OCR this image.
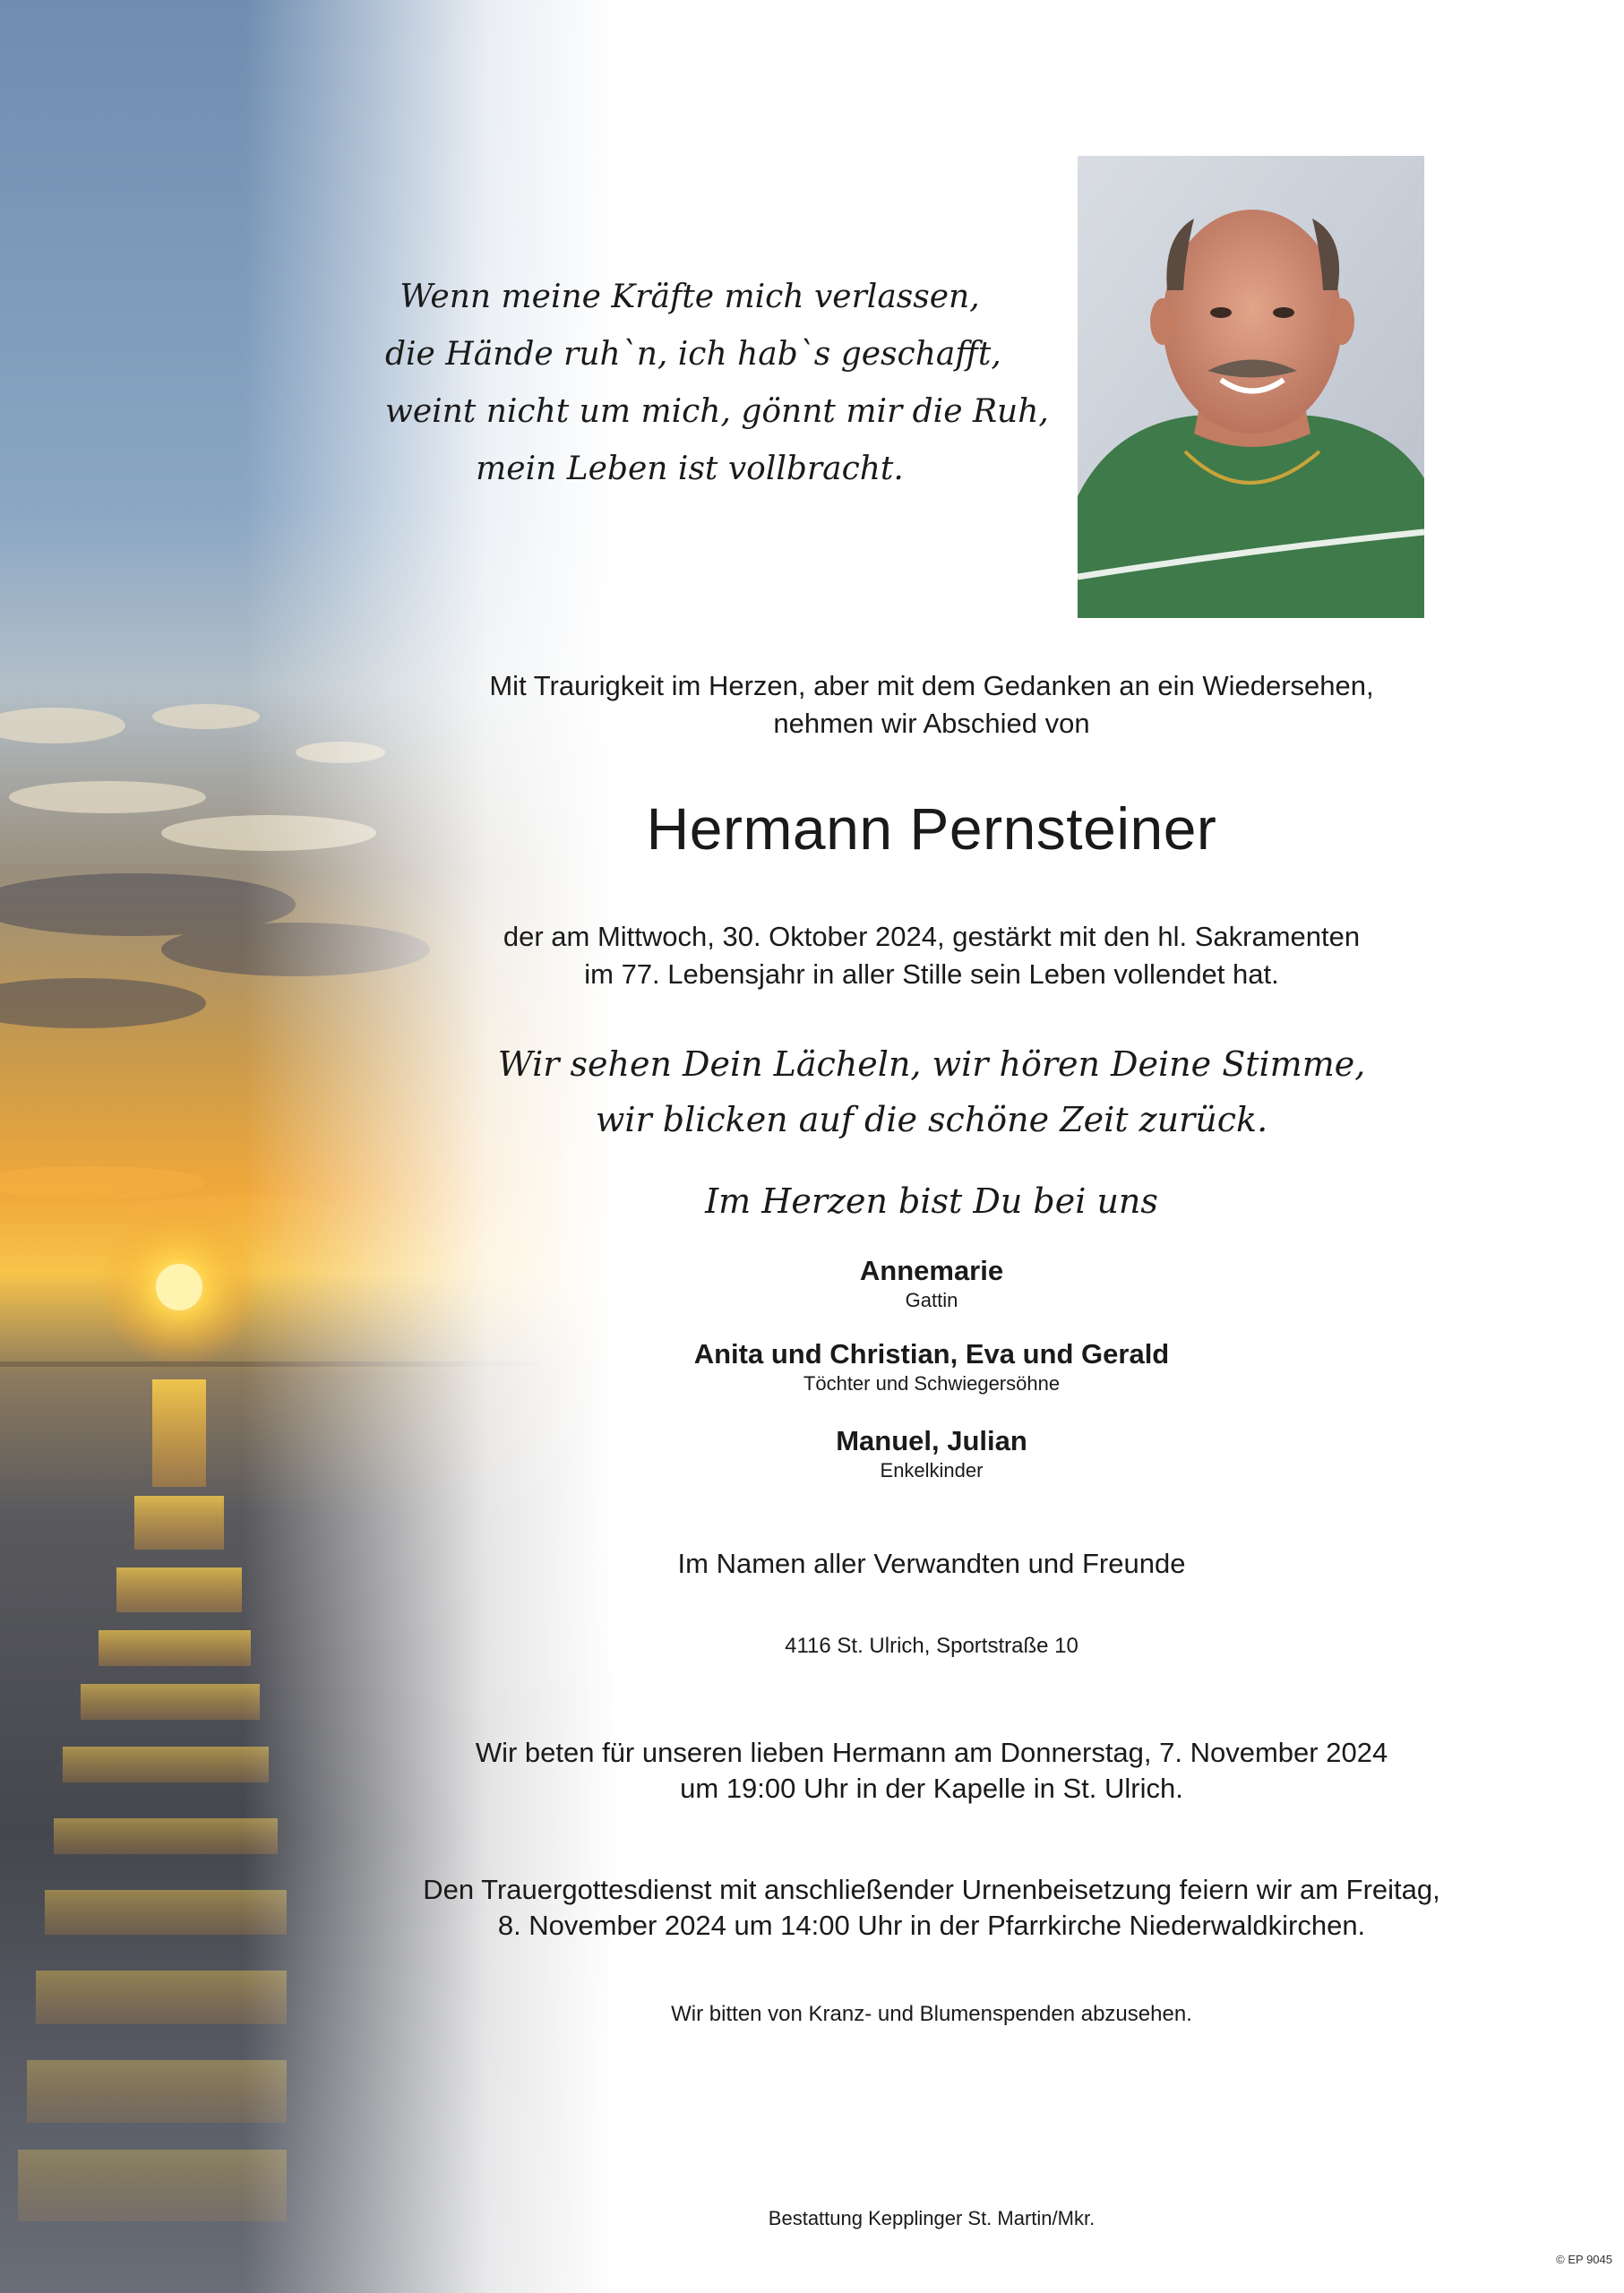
Wenn meine Kräfte mich verlassen,
die Hände ruh`n, ich hab`s geschafft,
weint nicht um mich, gönnt mir die Ruh,
mein Leben ist vollbracht.
Mit Traurigkeit im Herzen, aber mit dem Gedanken an ein Wiedersehen,
nehmen wir Abschied von
Hermann Pernsteiner
der am Mittwoch, 30. Oktober 2024, gestärkt mit den hl. Sakramenten
im 77. Lebensjahr in aller Stille sein Leben vollendet hat.
Wir sehen Dein Lächeln, wir hören Deine Stimme,
wir blicken auf die schöne Zeit zurück.
Im Herzen bist Du bei uns
Annemarie
Gattin
Anita und Christian, Eva und Gerald
Töchter und Schwiegersöhne
Manuel, Julian
Enkelkinder
Im Namen aller Verwandten und Freunde
4116 St. Ulrich, Sportstraße 10
Wir beten für unseren lieben Hermann am Donnerstag, 7. November 2024
um 19:00 Uhr in der Kapelle in St. Ulrich.
Den Trauergottesdienst mit anschließender Urnenbeisetzung feiern wir am Freitag,
8. November 2024 um 14:00 Uhr in der Pfarrkirche Niederwaldkirchen.
Wir bitten von Kranz- und Blumenspenden abzusehen.
Bestattung Kepplinger St. Martin/Mkr.
© EP 9045
